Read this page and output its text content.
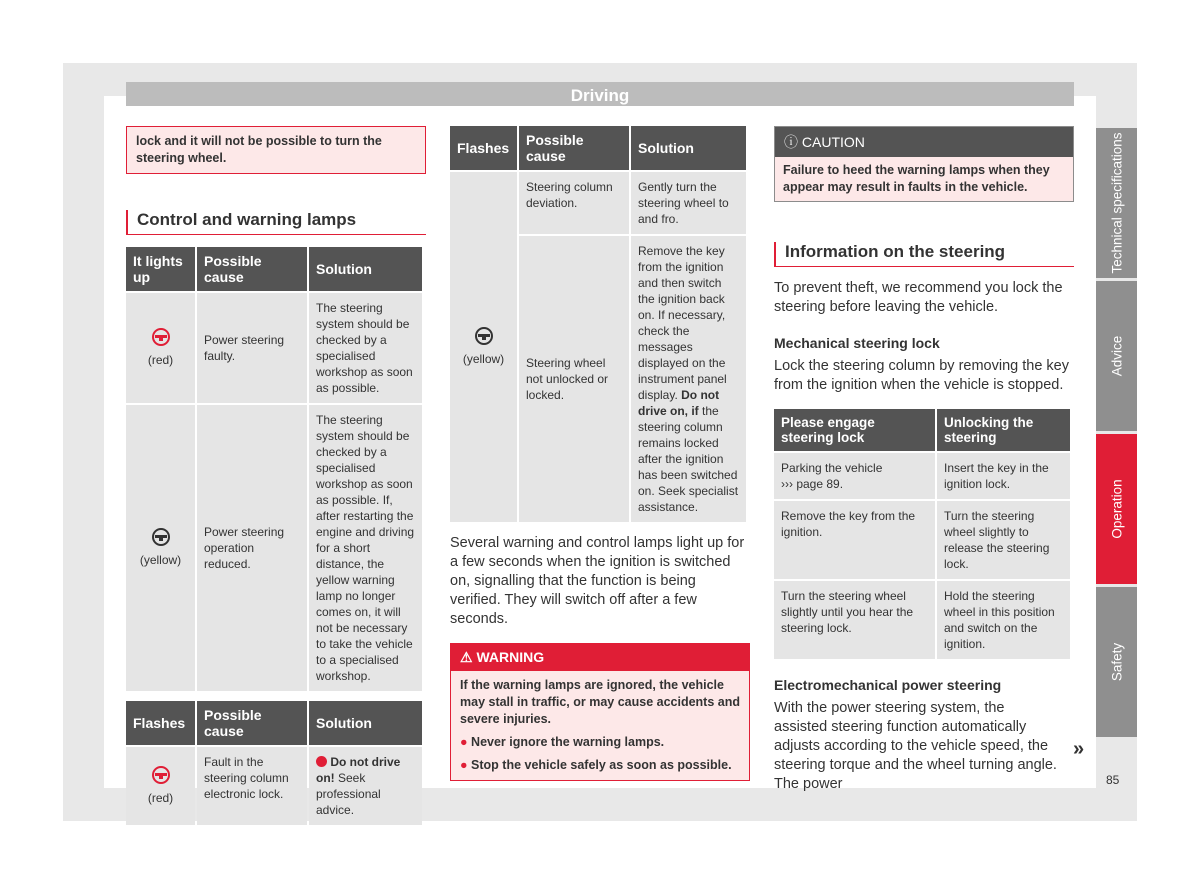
Driving
lock and it will not be possible to turn the steering wheel.
Control and warning lamps
It lights up	Possible cause	Solution

(red)	Power steering faulty.	The steering system should be checked by a specialised workshop as soon as possible.

(yellow)	Power steering operation reduced.	The steering system should be checked by a specialised workshop as soon as possible. If, after restarting the engine and driving for a short distance, the yellow warning lamp no longer comes on, it will not be necessary to take the vehicle to a specialised workshop.
Flashes	Possible cause	Solution

(red)	Fault in the steering column electronic lock.	Do not drive on! Seek professional advice.
Flashes	Possible cause	Solution

(yellow)	Steering column deviation.	Gently turn the steering wheel to and fro.
	Steering wheel not unlocked or locked.	Remove the key from the ignition and then switch the ignition back on. If necessary, check the messages displayed on the instrument panel display. Do not drive on, if the steering column remains locked after the ignition has been switched on. Seek specialist assistance.
Several warning and control lamps light up for a few seconds when the ignition is switched on, signalling that the function is being verified. They will switch off after a few seconds.
⚠ WARNING
If the warning lamps are ignored, the vehicle may stall in traffic, or may cause accidents and severe injuries.
● Never ignore the warning lamps.
● Stop the vehicle safely as soon as possible.
ⓘ CAUTION
Failure to heed the warning lamps when they appear may result in faults in the vehicle.
Information on the steering
To prevent theft, we recommend you lock the steering before leaving the vehicle.
Mechanical steering lock
Lock the steering column by removing the key from the ignition when the vehicle is stopped.
Please engage steering lock	Unlocking the steering
Parking the vehicle
››› page 89.	Insert the key in the ignition lock.
Remove the key from the ignition.	Turn the steering wheel slightly to release the steering lock.
Turn the steering wheel slightly until you hear the steering lock.	Hold the steering wheel in this position and switch on the ignition.
Electromechanical power steering
With the power steering system, the assisted steering function automatically adjusts according to the vehicle speed, the steering torque and the wheel turning angle. The power
»
Technical specifications
Advice
Operation
Safety
85
